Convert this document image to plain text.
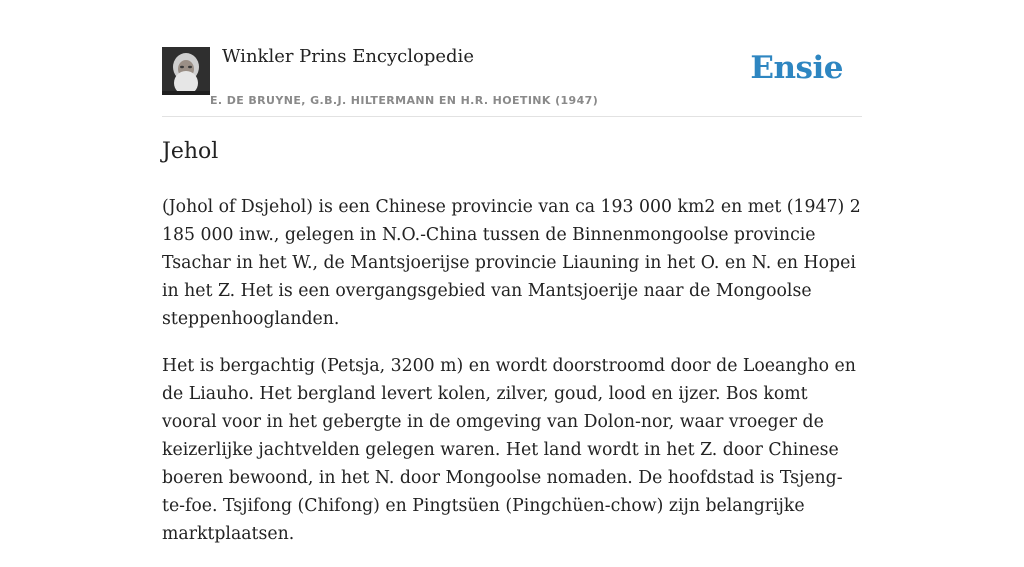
Winkler Prins Encyclopedie
E. DE BRUYNE, G.B.J. HILTERMANN EN H.R. HOETINK (1947)
Ensie
Jehol

(Johol of Dsjehol) is een Chinese provincie van ca 193 000 km2 en met (1947) 2 185 000 inw., gelegen in N.O.-China tussen de Binnenmongoolse provincie Tsachar in het W., de Mantsjoerijse provincie Liauning in het O. en N. en Hopei in het Z. Het is een overgangsgebied van Mantsjoerije naar de Mongoolse steppenhooglanden.

Het is bergachtig (Petsja, 3200 m) en wordt doorstroomd door de Loeangho en de Liauho. Het bergland levert kolen, zilver, goud, lood en ijzer. Bos komt vooral voor in het gebergte in de omgeving van Dolon-nor, waar vroeger de keizerlijke jachtvelden gelegen waren. Het land wordt in het Z. door Chinese boeren bewoond, in het N. door Mongoolse nomaden. De hoofdstad is Tsjeng-te-foe. Tsjifong (Chifong) en Pingtsüen (Pingchüen-chow) zijn belangrijke marktplaatsen.
